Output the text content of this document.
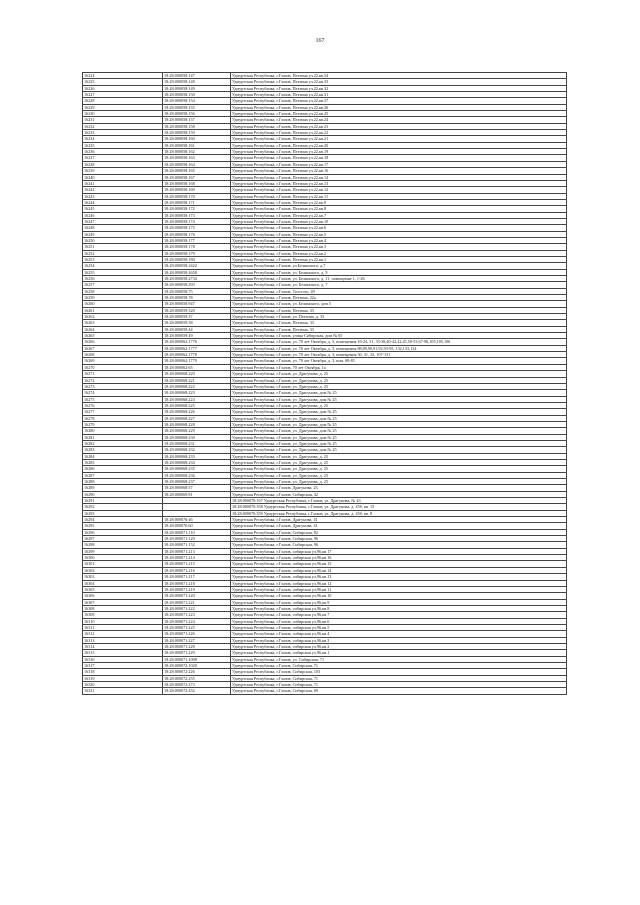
167
16224	18:28:000058:147	Удмуртская Республика, г.Глазов, Пехтина ул,22,кв.34
16225	18:28:000058:148	Удмуртская Республика, г.Глазов, Пехтина ул,22,кв.33
16226	18:28:000058:149	Удмуртская Республика, г.Глазов, Пехтина ул,22,кв.32
16227	18:28:000058:150	Удмуртская Республика, г.Глазов, Пехтина ул,22,кв.31
16228	18:28:000058:154	Удмуртская Республика, г.Глазов, Пехтина ул,22,кв.27
16229	18:28:000058:155	Удмуртская Республика, г.Глазов, Пехтина ул,22,кв.26
16230	18:28:000058:156	Удмуртская Республика, г.Глазов, Пехтина ул,22,кв.25
16231	18:28:000058:157	Удмуртская Республика, г.Глазов, Пехтина ул,22,кв.24
16232	18:28:000058:158	Удмуртская Республика, г.Глазов, Пехтина ул,22,кв.23
16233	18:28:000058:159	Удмуртская Республика, г.Глазов, Пехтина ул,22,кв.22
16234	18:28:000058:160	Удмуртская Республика, г.Глазов, Пехтина ул,22,кв.21
16235	18:28:000058:161	Удмуртская Республика, г.Глазов, Пехтина ул,22,кв.20
16236	18:28:000058:162	Удмуртская Республика, г.Глазов, Пехтина ул,22,кв.19
16237	18:28:000058:163	Удмуртская Республика, г.Глазов, Пехтина ул,22,кв.18
16238	18:28:000058:164	Удмуртская Республика, г.Глазов, Пехтина ул,22,кв.17
16239	18:28:000058:165	Удмуртская Республика, г.Глазов, Пехтина ул,22,кв.16
16240	18:28:000058:167	Удмуртская Республика, г.Глазов, Пехтина ул,22,кв.14
16241	18:28:000058:168	Удмуртская Республика, г.Глазов, Пехтина ул,22,кв.13
16242	18:28:000058:169	Удмуртская Республика, г.Глазов, Пехтина ул,22,кв.12
16243	18:28:000058:170	Удмуртская Республика, г.Глазов, Пехтина ул,22,кв.11
16244	18:28:000058:171	Удмуртская Республика, г.Глазов, Пехтина ул,22,кв.9
16245	18:28:000058:172	Удмуртская Республика, г.Глазов, Пехтина ул,22,кв.8
16246	18:28:000058:173	Удмуртская Республика, г.Глазов, Пехтина ул,22,кв.7
16247	18:28:000058:174	Удмуртская Республика, г.Глазов, Пехтина ул,22,кв.10
16248	18:28:000058:175	Удмуртская Республика, г.Глазов, Пехтина ул,22,кв.6
16249	18:28:000058:176	Удмуртская Республика, г.Глазов, Пехтина ул,22,кв.5
16250	18:28:000058:177	Удмуртская Республика, г.Глазов, Пехтина ул,22,кв.4
16251	18:28:000058:178	Удмуртская Республика, г.Глазов, Пехтина ул,22,кв.3
16252	18:28:000058:179	Удмуртская Республика, г.Глазов, Пехтина ул,22,кв.2
16253	18:28:000058:180	Удмуртская Республика, г.Глазов, Пехтина ул,22,кв.1
16254	18:28:000058:2422	Удмуртская Республика, г.Глазов, ул.Белинского, д.7
16255	18:28:000058:2658	Удмуртская Республика, г.Глазов, ул. Белинского, д. 9
16256	18:28:000058:2734	Удмуртская Республика, г.Глазов, ул. Белинского, д. 11, помещение 1, 1-26
16257	18:28:000058:293	Удмуртская Республика, г.Глазов, ул. Белинского, д. 7
16258	18:28:000058:75	Удмуртская Республика, г.Глазов, Толстого, 49
16259	18:28:000058:78	Удмуртская Республика, г.Глазов, Пехтина, 22а
16260	18:28:000058:947	Удмуртская Республика, г.Глазов, ул. Белинского, дом 5
16261	18:28:000059:320	Удмуртская Республика, г.Глазов, Пехтина, 33
16262	18:28:000059:37	Удмуртская Республика, г.Глазов, ул. Пехтина, д. 33
16263	18:28:000059:38	Удмуртская Республика, г.Глазов, Пехтина, 33
16264	18:28:000059:44	Удмуртская Республика, г.Глазов, Пехтина, 33
16265	18:28:000059:49	Удмуртская Республика, г.Глазов, улица Сибирская, дом № 65
16266	18:28:000062:1776	Удмуртская Республика, г.Глазов, ул. 70 лет Октября, д. 3, помещения 16-24, 31, 33-38,40-42,42,45,50-53,67-96,105,105,106
16267	18:28:000062:1777	Удмуртская Республика, г.Глазов, ул. 70 лет Октября, д. 3, помещения 88,89,90,91,92,93-95, 132,133,134
16268	18:28:000062:1778	Удмуртская Республика, г.Глазов, ул. 70 лет Октября, д. 3, помещения 30, 31, 32, 107-131
16269	18:28:000062:1779	Удмуртская Республика, г.Глазов, ул. 70 лет Октября, д. 3, пом. 68-81
16270	18:28:000062:65	Удмуртская Республика, г.Глазов, 70 лет Октября, 1а
16271	18:28:000068:220	Удмуртская Республика, г.Глазов, ул. Драгунова, д. 25
16272	18:28:000068:221	Удмуртская Республика, г.Глазов, ул. Драгунова, д. 25
16273	18:28:000068:222	Удмуртская Республика, г.Глазов, ул. Драгунова, д. 25
16274	18:28:000068:223	Удмуртская Республика, г.Глазов, ул. Драгунова, дом № 25
16275	18:28:000068:224	Удмуртская Республика, г.Глазов, ул. Драгунова, дом № 25
16276	18:28:000068:225	Удмуртская Республика, г.Глазов, ул. Драгунова, д. 25
16277	18:28:000068:226	Удмуртская Республика, г.Глазов, ул. Драгунова, дом № 25
16278	18:28:000068:227	Удмуртская Республика, г.Глазов, ул. Драгунова, дом № 25
16279	18:28:000068:228	Удмуртская Республика, г.Глазов, ул. Драгунова, дом № 25
16280	18:28:000068:229	Удмуртская Республика, г.Глазов, ул. Драгунова, дом № 25
16281	18:28:000068:230	Удмуртская Республика, г.Глазов, ул. Драгунова, дом № 25
16282	18:28:000068:231	Удмуртская Республика, г.Глазов, ул. Драгунова, дом № 25
16283	18:28:000068:232	Удмуртская Республика, г.Глазов, ул. Драгунова, дом № 25
16284	18:28:000068:233	Удмуртская Республика, г.Глазов, ул. Драгунова, д. 25
16285	18:28:000068:234	Удмуртская Республика, г.Глазов, ул. Драгунова, д. 25
16286	18:28:000068:235	Удмуртская Республика, г.Глазов, ул. Драгунова, д. 25
16287	18:28:000068:236	Удмуртская Республика, г.Глазов, ул. Драгунова, д. 25
16288	18:28:000068:237	Удмуртская Республика, г.Глазов, ул. Драгунова, д. 25
16289	18:28:000068:57	Удмуртская Республика, г.Глазов, Драгунова, 23
16290	18:28:000069:81	Удмуртская Республика, г.Глазов, Сибирская, 42
16291		18:28:000070:167 Удмуртская Республика, г.Глазов, ул. Драгунова, № 43
16292		18:28:000070:358 Удмуртская Республика, г.Глазов, ул. Драгунова, д. 45б, кв. 15
16293		18:28:000070:359 Удмуртская Республика, г.Глазов, ул. Драгунова, д. 45б, кв. 8
16294	18:28:000070:46	Удмуртская Республика, г.Глазов, Драгунова, 41
16295	18:28:000070:60	Удмуртская Республика, г.Глазов, Драгунова, 41
16296	18:28:000071:110	Удмуртская Республика, г.Глазов, Сибирская, 82
16297	18:28:000071:120	Удмуртская Республика, г.Глазов, Сибирская, 96
16298	18:28:000071:152	Удмуртская Республика, г.Глазов, Сибирская, 96
16299	18:28:000071:213	Удмуртская Республика, г.Глазов, сибирская ул,96,кв.17
16300	18:28:000071:214	Удмуртская Республика, г.Глазов, сибирская ул,96,кв.16
16301	18:28:000071:215	Удмуртская Республика, г.Глазов, сибирская ул,96,кв.15
16302	18:28:000071:216	Удмуртская Республика, г.Глазов, сибирская ул,96,кв.14
16303	18:28:000071:217	Удмуртская Республика, г.Глазов, сибирская ул,96,кв.13
16304	18:28:000071:218	Удмуртская Республика, г.Глазов, сибирская ул,96,кв.12
16305	18:28:000071:219	Удмуртская Республика, г.Глазов, сибирская ул,96,кв.11
16306	18:28:000071:220	Удмуртская Республика, г.Глазов, сибирская ул,96,кв.10
16307	18:28:000071:221	Удмуртская Республика, г.Глазов, сибирская ул,96,кв.9
16308	18:28:000071:222	Удмуртская Республика, г.Глазов, сибирская ул,96,кв.8
16309	18:28:000071:223	Удмуртская Республика, г.Глазов, сибирская ул,96,кв.7
16310	18:28:000071:224	Удмуртская Республика, г.Глазов, сибирская ул,96,кв.6
16311	18:28:000071:225	Удмуртская Республика, г.Глазов, сибирская ул,96,кв.5
16312	18:28:000071:226	Удмуртская Республика, г.Глазов, сибирская ул,96,кв.4
16313	18:28:000071:227	Удмуртская Республика, г.Глазов, сибирская ул,96,кв.3
16314	18:28:000071:228	Удмуртская Республика, г.Глазов, сибирская ул,96,кв.2
16315	18:28:000071:229	Удмуртская Республика, г.Глазов, сибирская ул,96,кв.1
16316	18:28:000071:1008	Удмуртская Республика, г.Глазов, ул. Сибирская, 71
16317	18:28:000072:1020	Удмуртская Республика, г.Глазов, Сибирская, 71
16318	18:28:000072:226	Удмуртская Республика, г.Глазов, Сибирская, 103
16319	18:28:000072:255	Удмуртская Республика, г.Глазов, Сибирская, 71
16320	18:28:000072:273	Удмуртская Республика, г.Глазов, Сибирская, 71
16321	18:28:000072:432	Удмуртская Республика, г.Глазов, Сибирская, 69
